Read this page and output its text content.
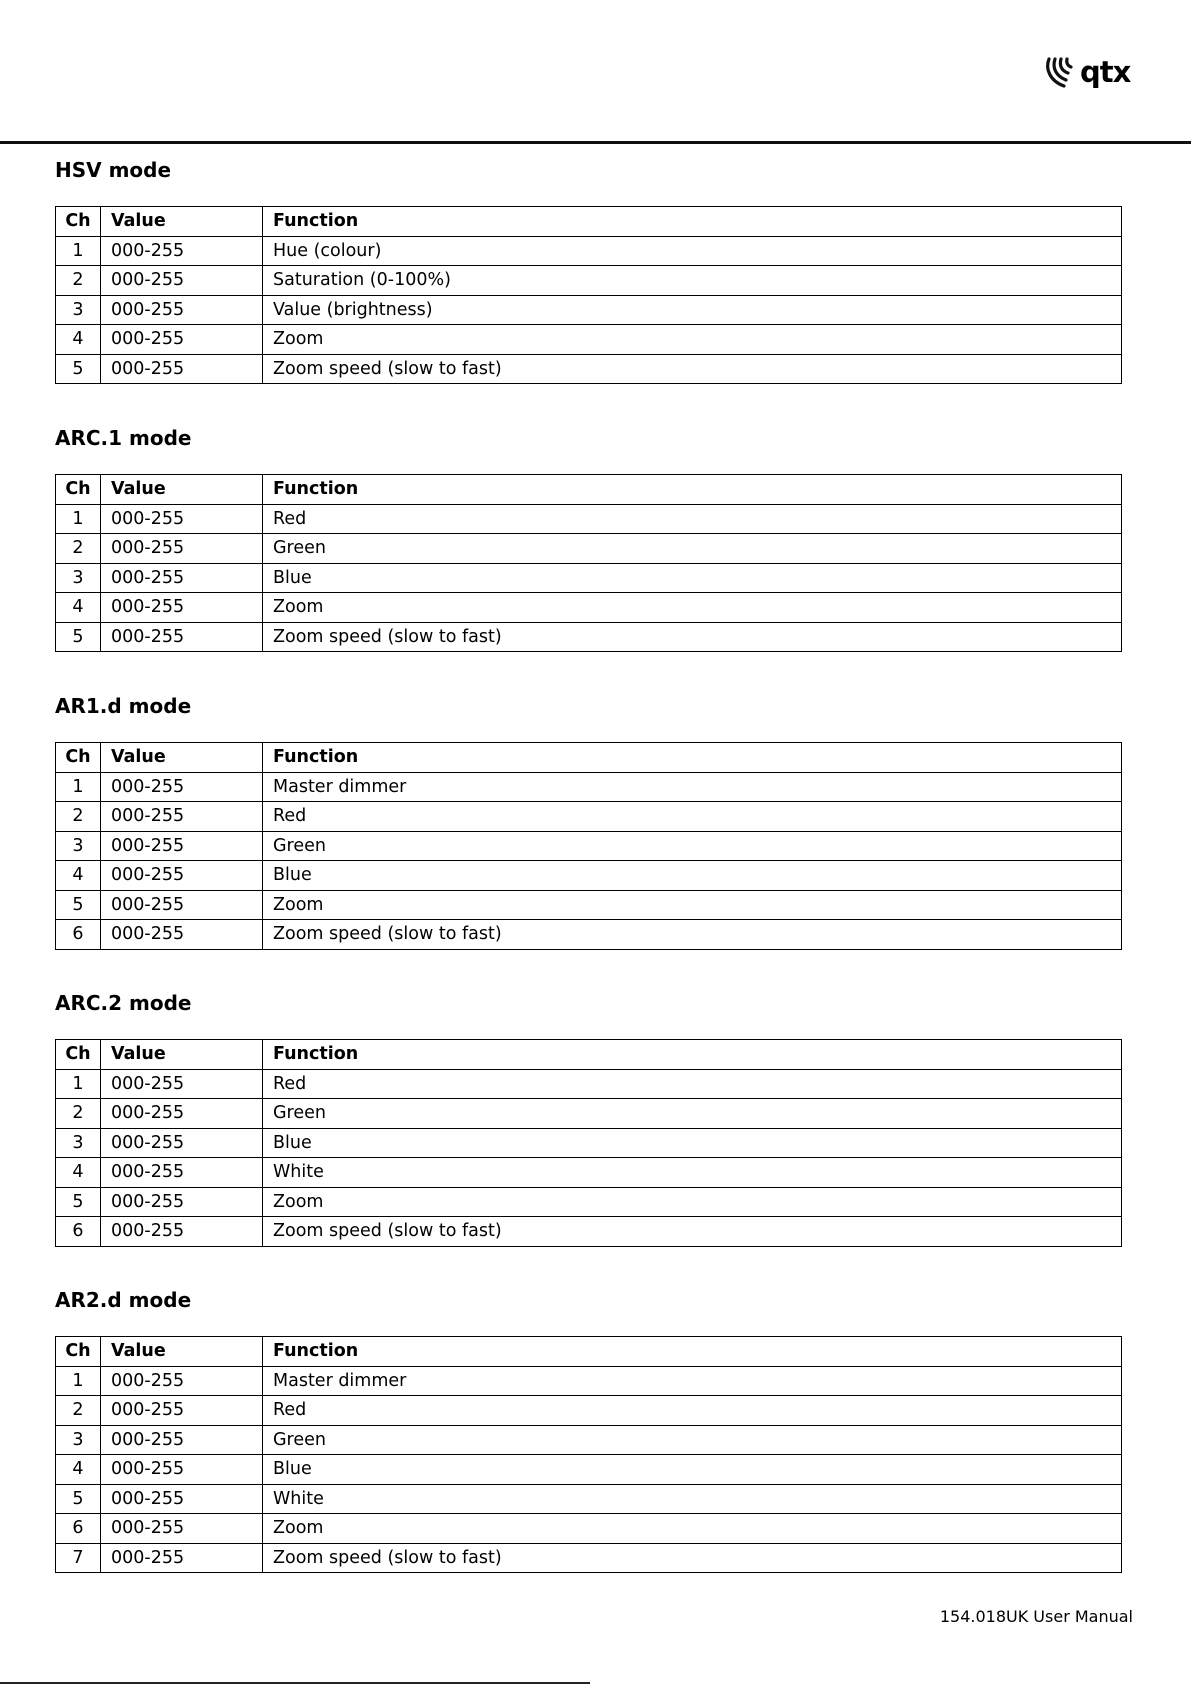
qtx
HSV mode
Ch	Value	Function
1	000-255	Hue (colour)
2	000-255	Saturation (0-100%)
3	000-255	Value (brightness)
4	000-255	Zoom
5	000-255	Zoom speed (slow to fast)
ARC.1 mode
Ch	Value	Function
1	000-255	Red
2	000-255	Green
3	000-255	Blue
4	000-255	Zoom
5	000-255	Zoom speed (slow to fast)
AR1.d mode
Ch	Value	Function
1	000-255	Master dimmer
2	000-255	Red
3	000-255	Green
4	000-255	Blue
5	000-255	Zoom
6	000-255	Zoom speed (slow to fast)
ARC.2 mode
Ch	Value	Function
1	000-255	Red
2	000-255	Green
3	000-255	Blue
4	000-255	White
5	000-255	Zoom
6	000-255	Zoom speed (slow to fast)
AR2.d mode
Ch	Value	Function
1	000-255	Master dimmer
2	000-255	Red
3	000-255	Green
4	000-255	Blue
5	000-255	White
6	000-255	Zoom
7	000-255	Zoom speed (slow to fast)
154.018UK User Manual
